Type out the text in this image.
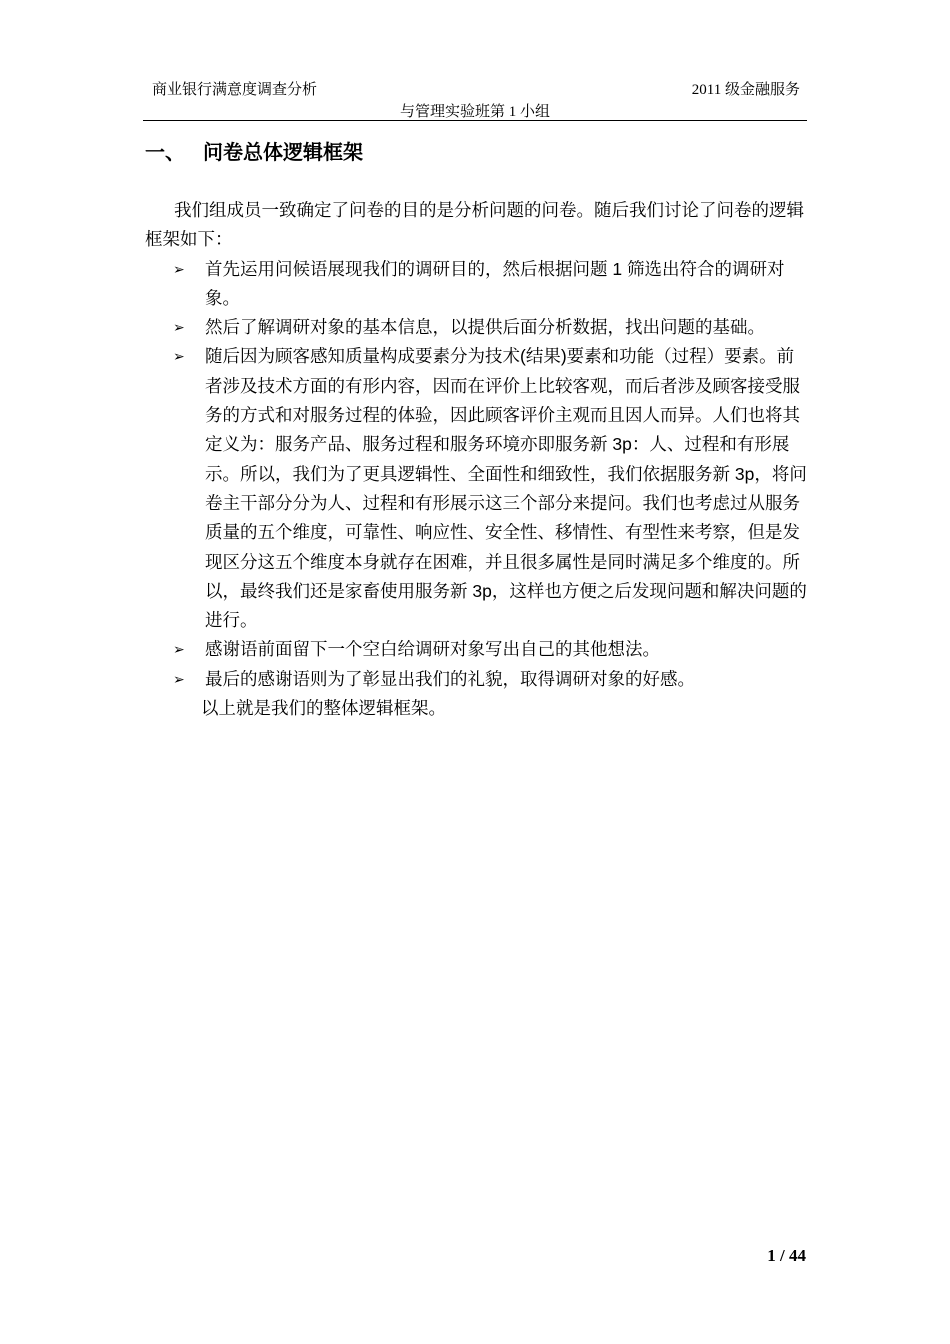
商业银行满意度调查分析	2011 级金融服务
与管理实验班第 1 小组
一、 问卷总体逻辑框架

我们组成员一致确定了问卷的目的是分析问题的问卷。随后我们讨论了问卷的逻辑框架如下：

➢ 首先运用问候语展现我们的调研目的，然后根据问题 1 筛选出符合的调研对象。
➢ 然后了解调研对象的基本信息，以提供后面分析数据，找出问题的基础。
➢ 随后因为顾客感知质量构成要素分为技术(结果)要素和功能（过程）要素。前者涉及技术方面的有形内容，因而在评价上比较客观，而后者涉及顾客接受服务的方式和对服务过程的体验，因此顾客评价主观而且因人而异。人们也将其定义为：服务产品、服务过程和服务环境亦即服务新 3p：人、过程和有形展示。所以，我们为了更具逻辑性、全面性和细致性，我们依据服务新 3p，将问卷主干部分分为人、过程和有形展示这三个部分来提问。我们也考虑过从服务质量的五个维度，可靠性、响应性、安全性、移情性、有型性来考察，但是发现区分这五个维度本身就存在困难，并且很多属性是同时满足多个维度的。所以，最终我们还是家畜使用服务新 3p，这样也方便之后发现问题和解决问题的进行。
➢ 感谢语前面留下一个空白给调研对象写出自己的其他想法。
➢ 最后的感谢语则为了彰显出我们的礼貌，取得调研对象的好感。

以上就是我们的整体逻辑框架。

1 / 44
